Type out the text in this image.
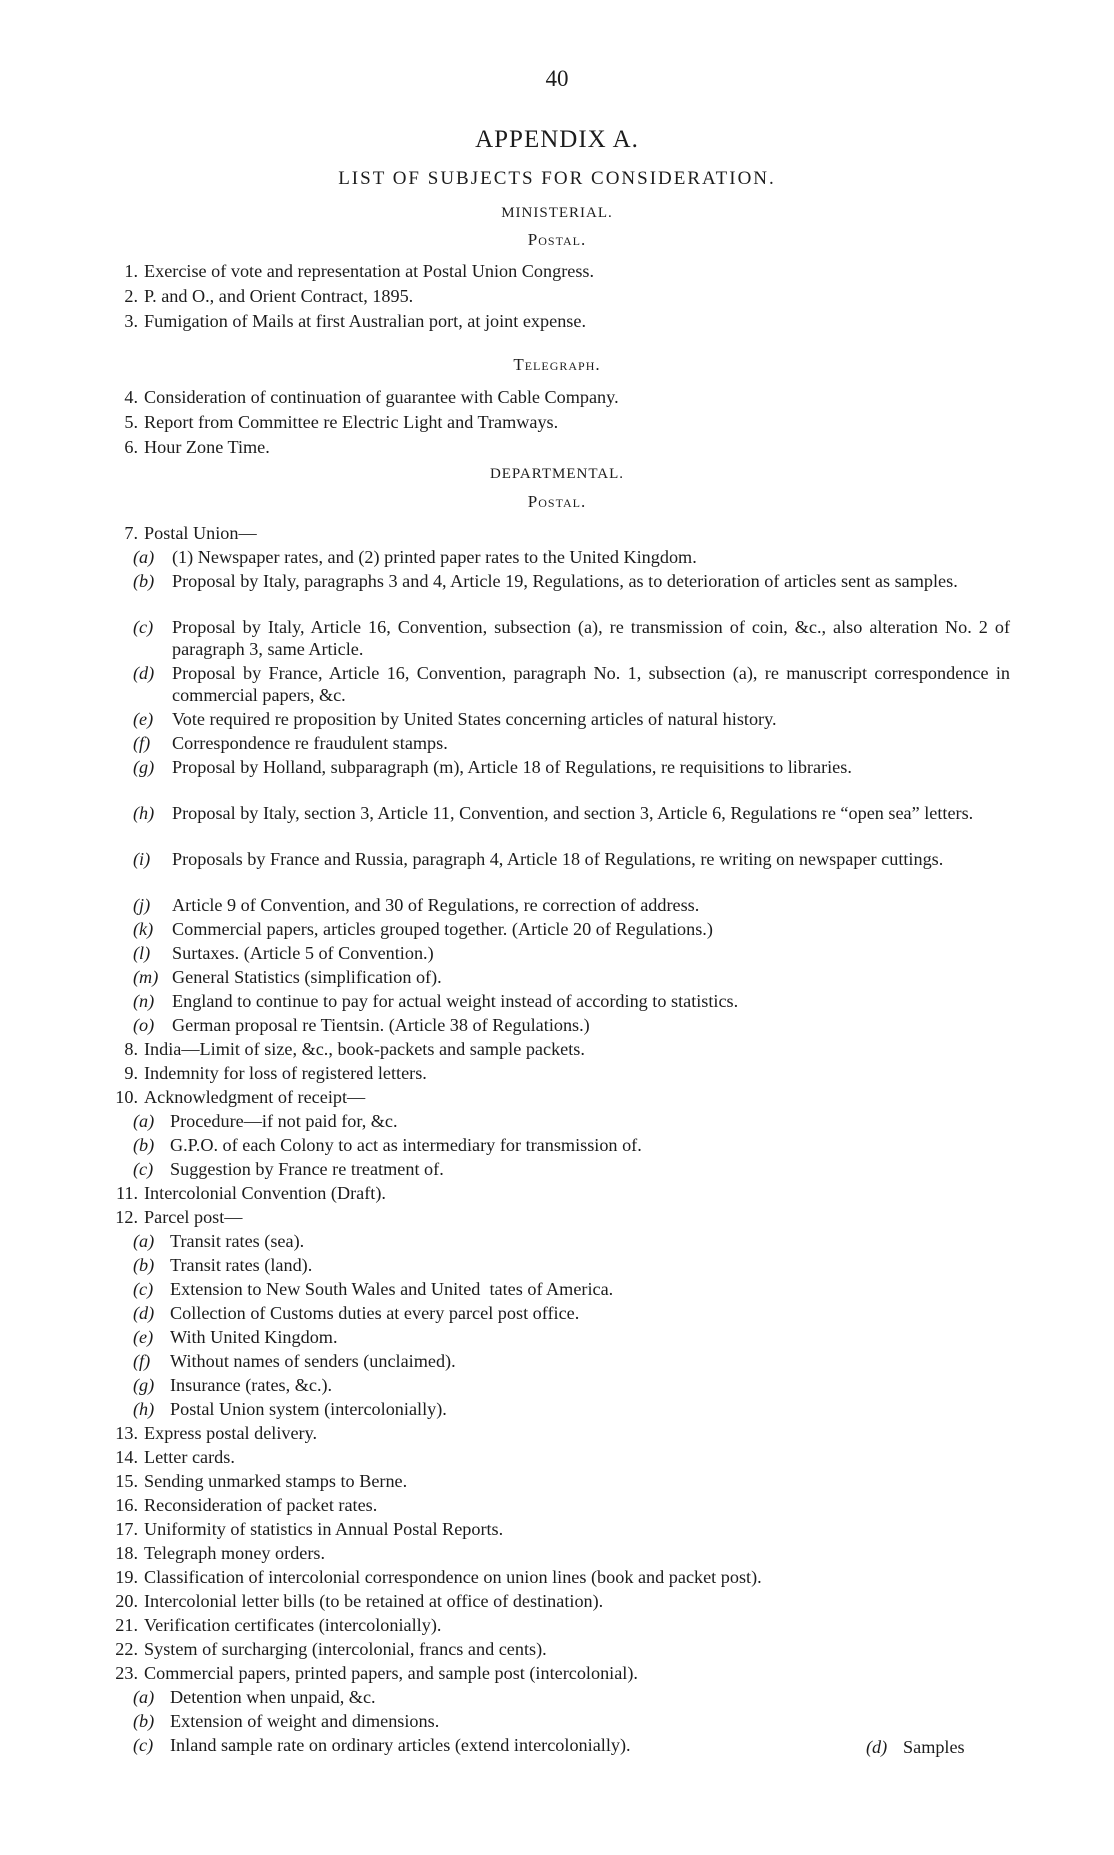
40
APPENDIX A.
LIST OF SUBJECTS FOR CONSIDERATION.
MINISTERIAL.
Postal.
1. Exercise of vote and representation at Postal Union Congress.
2. P. and O., and Orient Contract, 1895.
3. Fumigation of Mails at first Australian port, at joint expense.
Telegraph.
4. Consideration of continuation of guarantee with Cable Company.
5. Report from Committee re Electric Light and Tramways.
6. Hour Zone Time.
DEPARTMENTAL.
Postal.
7. Postal Union—
(a) (1) Newspaper rates, and (2) printed paper rates to the United Kingdom.
(b) Proposal by Italy, paragraphs 3 and 4, Article 19, Regulations, as to deterioration of articles sent as samples.
(c) Proposal by Italy, Article 16, Convention, subsection (a), re transmission of coin, &c., also alteration No. 2 of paragraph 3, same Article.
(d) Proposal by France, Article 16, Convention, paragraph No. 1, subsection (a), re manuscript correspondence in commercial papers, &c.
(e) Vote required re proposition by United States concerning articles of natural history.
(f) Correspondence re fraudulent stamps.
(g) Proposal by Holland, subparagraph (m), Article 18 of Regulations, re requisitions to libraries.
(h) Proposal by Italy, section 3, Article 11, Convention, and section 3, Article 6, Regulations re “open sea” letters.
(i) Proposals by France and Russia, paragraph 4, Article 18 of Regulations, re writing on newspaper cuttings.
(j) Article 9 of Convention, and 30 of Regulations, re correction of address.
(k) Commercial papers, articles grouped together. (Article 20 of Regulations.)
(l) Surtaxes. (Article 5 of Convention.)
(m) General Statistics (simplification of).
(n) England to continue to pay for actual weight instead of according to statistics.
(o) German proposal re Tientsin. (Article 38 of Regulations.)
8. India—Limit of size, &c., book-packets and sample packets.
9. Indemnity for loss of registered letters.
10. Acknowledgment of receipt—
(a) Procedure—if not paid for, &c.
(b) G.P.O. of each Colony to act as intermediary for transmission of.
(c) Suggestion by France re treatment of.
11. Intercolonial Convention (Draft).
12. Parcel post—
(a) Transit rates (sea).
(b) Transit rates (land).
(c) Extension to New South Wales and United  tates of America.
(d) Collection of Customs duties at every parcel post office.
(e) With United Kingdom.
(f) Without names of senders (unclaimed).
(g) Insurance (rates, &c.).
(h) Postal Union system (intercolonially).
13. Express postal delivery.
14. Letter cards.
15. Sending unmarked stamps to Berne.
16. Reconsideration of packet rates.
17. Uniformity of statistics in Annual Postal Reports.
18. Telegraph money orders.
19. Classification of intercolonial correspondence on union lines (book and packet post).
20. Intercolonial letter bills (to be retained at office of destination).
21. Verification certificates (intercolonially).
22. System of surcharging (intercolonial, francs and cents).
23. Commercial papers, printed papers, and sample post (intercolonial).
(a) Detention when unpaid, &c.
(b) Extension of weight and dimensions.
(c) Inland sample rate on ordinary articles (extend intercolonially).	(d) Samples
